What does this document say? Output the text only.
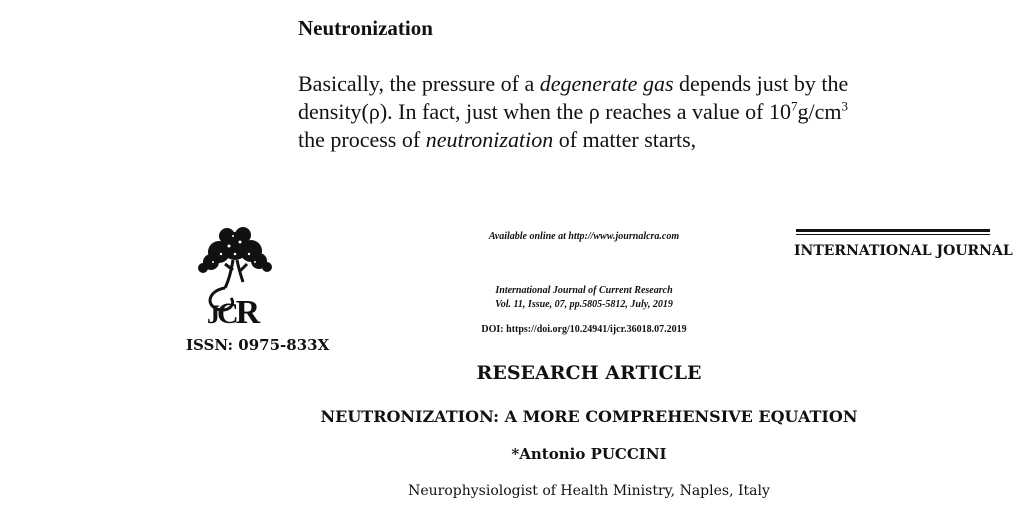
Neutronization
Basically, the pressure of a degenerate gas depends just by the
density(ρ). In fact, just when the ρ reaches a value of $10^7g/cm^3$
the process of neutronization of matter starts,
JCR
ISSN: 0975-833X
Available online at http://www.journalcra.com
International Journal of Current Research
Vol. 11, Issue, 07, pp.5805-5812, July, 2019
DOI: https://doi.org/10.24941/ijcr.36018.07.2019
INTERNATIONAL JOURNAL
RESEARCH ARTICLE
NEUTRONIZATION: A MORE COMPREHENSIVE EQUATION
*Antonio PUCCINI
Neurophysiologist of Health Ministry, Naples, Italy
